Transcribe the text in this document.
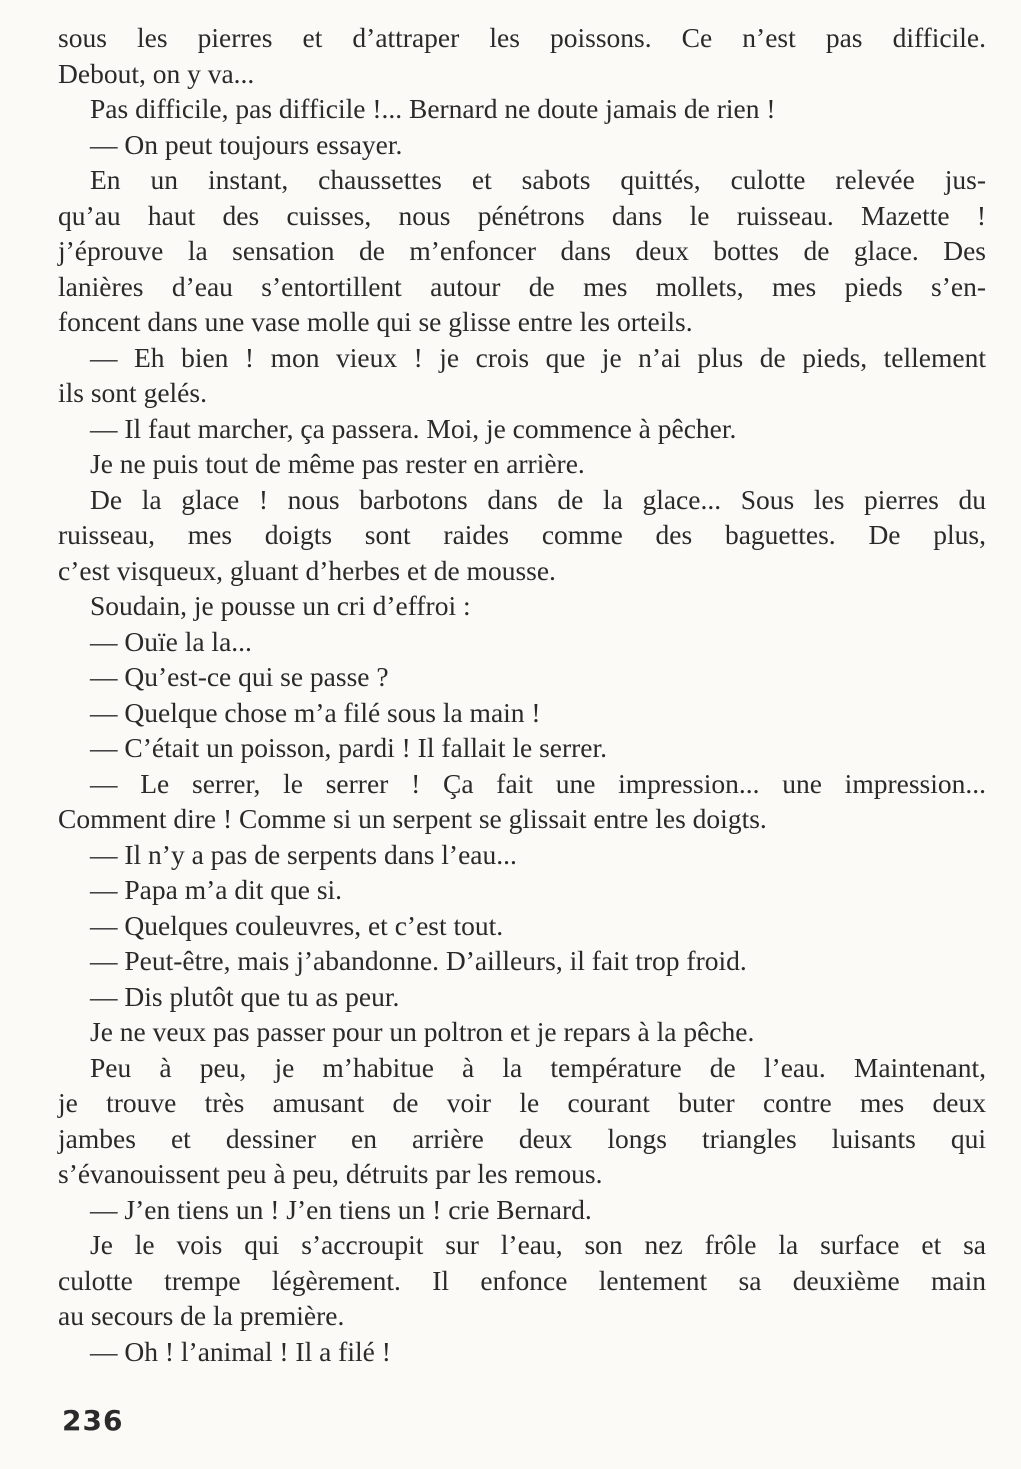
sous les pierres et d’attraper les poissons. Ce n’est pas difficile.
Debout, on y va...
Pas difficile, pas difficile !... Bernard ne doute jamais de rien !
— On peut toujours essayer.
En un instant, chaussettes et sabots quittés, culotte relevée jus-
qu’au haut des cuisses, nous pénétrons dans le ruisseau. Mazette !
j’éprouve la sensation de m’enfoncer dans deux bottes de glace. Des
lanières d’eau s’entortillent autour de mes mollets, mes pieds s’en-
foncent dans une vase molle qui se glisse entre les orteils.
— Eh bien ! mon vieux ! je crois que je n’ai plus de pieds, tellement
ils sont gelés.
— Il faut marcher, ça passera. Moi, je commence à pêcher.
Je ne puis tout de même pas rester en arrière.
De la glace ! nous barbotons dans de la glace... Sous les pierres du
ruisseau, mes doigts sont raides comme des baguettes. De plus,
c’est visqueux, gluant d’herbes et de mousse.
Soudain, je pousse un cri d’effroi :
— Ouïe la la...
— Qu’est-ce qui se passe ?
— Quelque chose m’a filé sous la main !
— C’était un poisson, pardi ! Il fallait le serrer.
— Le serrer, le serrer ! Ça fait une impression... une impression...
Comment dire ! Comme si un serpent se glissait entre les doigts.
— Il n’y a pas de serpents dans l’eau...
— Papa m’a dit que si.
— Quelques couleuvres, et c’est tout.
— Peut-être, mais j’abandonne. D’ailleurs, il fait trop froid.
— Dis plutôt que tu as peur.
Je ne veux pas passer pour un poltron et je repars à la pêche.
Peu à peu, je m’habitue à la température de l’eau. Maintenant,
je trouve très amusant de voir le courant buter contre mes deux
jambes et dessiner en arrière deux longs triangles luisants qui
s’évanouissent peu à peu, détruits par les remous.
— J’en tiens un ! J’en tiens un ! crie Bernard.
Je le vois qui s’accroupit sur l’eau, son nez frôle la surface et sa
culotte trempe légèrement. Il enfonce lentement sa deuxième main
au secours de la première.
— Oh ! l’animal ! Il a filé !
236
